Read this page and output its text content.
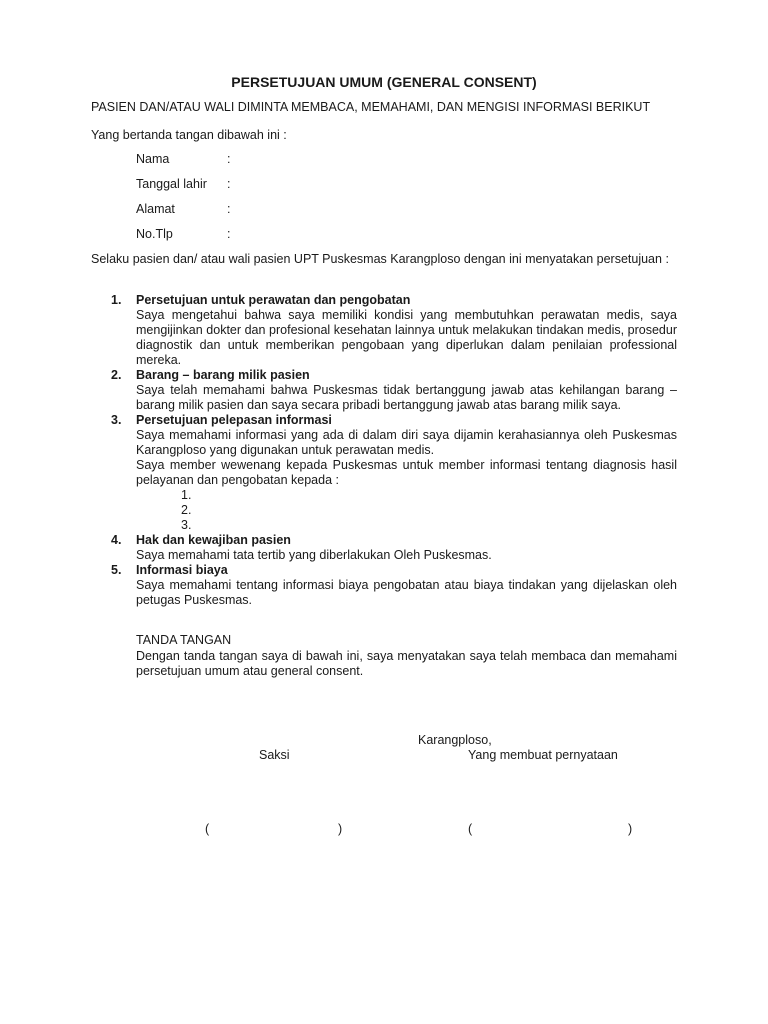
PERSETUJUAN UMUM (GENERAL CONSENT)
PASIEN DAN/ATAU WALI DIMINTA MEMBACA, MEMAHAMI, DAN MENGISI INFORMASI BERIKUT
Yang bertanda tangan dibawah ini :
Nama	:
Tanggal lahir :
Alamat	:
No.Tlp	:
Selaku pasien dan/ atau wali pasien UPT Puskesmas Karangploso dengan ini menyatakan persetujuan :
1. Persetujuan untuk perawatan dan pengobatan
Saya mengetahui bahwa saya memiliki kondisi yang membutuhkan perawatan medis, saya mengijinkan dokter dan profesional kesehatan lainnya untuk melakukan tindakan medis, prosedur diagnostik dan untuk memberikan pengobaan yang diperlukan dalam penilaian professional mereka.
2. Barang – barang milik pasien
Saya telah memahami bahwa Puskesmas tidak bertanggung jawab atas kehilangan barang – barang milik pasien dan saya secara pribadi bertanggung jawab atas barang milik saya.
3. Persetujuan pelepasan informasi
Saya memahami informasi yang ada di dalam diri saya dijamin kerahasiannya oleh Puskesmas Karangploso yang digunakan untuk perawatan medis.
Saya member wewenang kepada Puskesmas untuk member informasi tentang diagnosis hasil pelayanan dan pengobatan kepada :
1.
2.
3.
4. Hak dan kewajiban pasien
Saya memahami tata tertib yang diberlakukan Oleh Puskesmas.
5. Informasi biaya
Saya memahami tentang informasi biaya pengobatan atau biaya tindakan yang dijelaskan oleh petugas Puskesmas.
TANDA TANGAN
Dengan tanda tangan saya di bawah ini, saya menyatakan saya telah membaca dan memahami persetujuan umum atau general consent.
Karangploso,
Saksi	Yang membuat pernyataan
(	)	(	)
